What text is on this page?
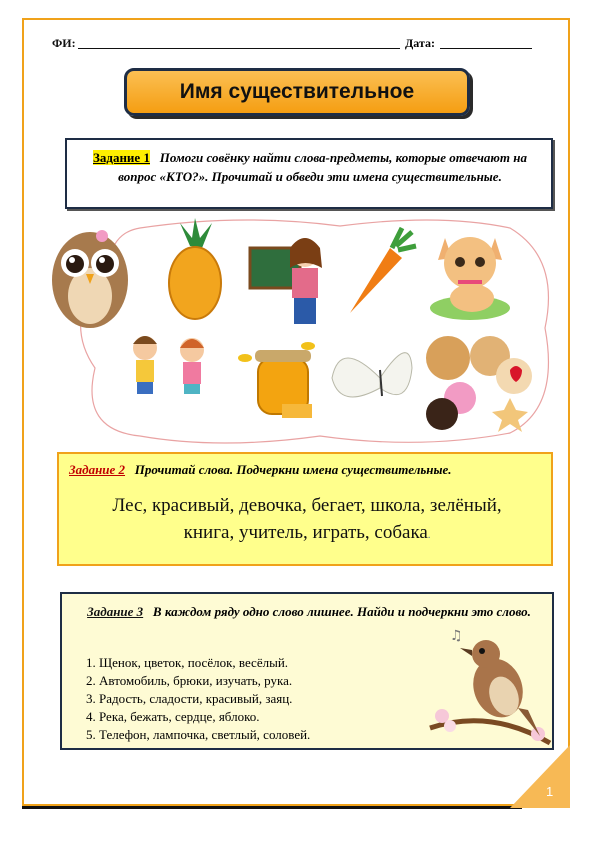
1
ФИ:	Дата:
Имя существительное
Задание 1 Помоги совёнку найти слова-предметы, которые отвечают на вопрос «КТО?». Прочитай и обведи эти имена существительные.
Задание 2 Прочитай слова. Подчеркни имена существительные.
Лес, красивый, девочка, бегает, школа, зелёный,
книга, учитель, играть, собака.
Задание 3 В каждом ряду одно слово лишнее. Найди и подчеркни это слово.
1. Щенок, цветок, посёлок, весёлый.
2. Автомобиль, брюки, изучать, рука.
3. Радость, сладости, красивый, заяц.
4. Река, бежать, сердце, яблоко.
5. Телефон, лампочка, светлый, соловей.
♫
